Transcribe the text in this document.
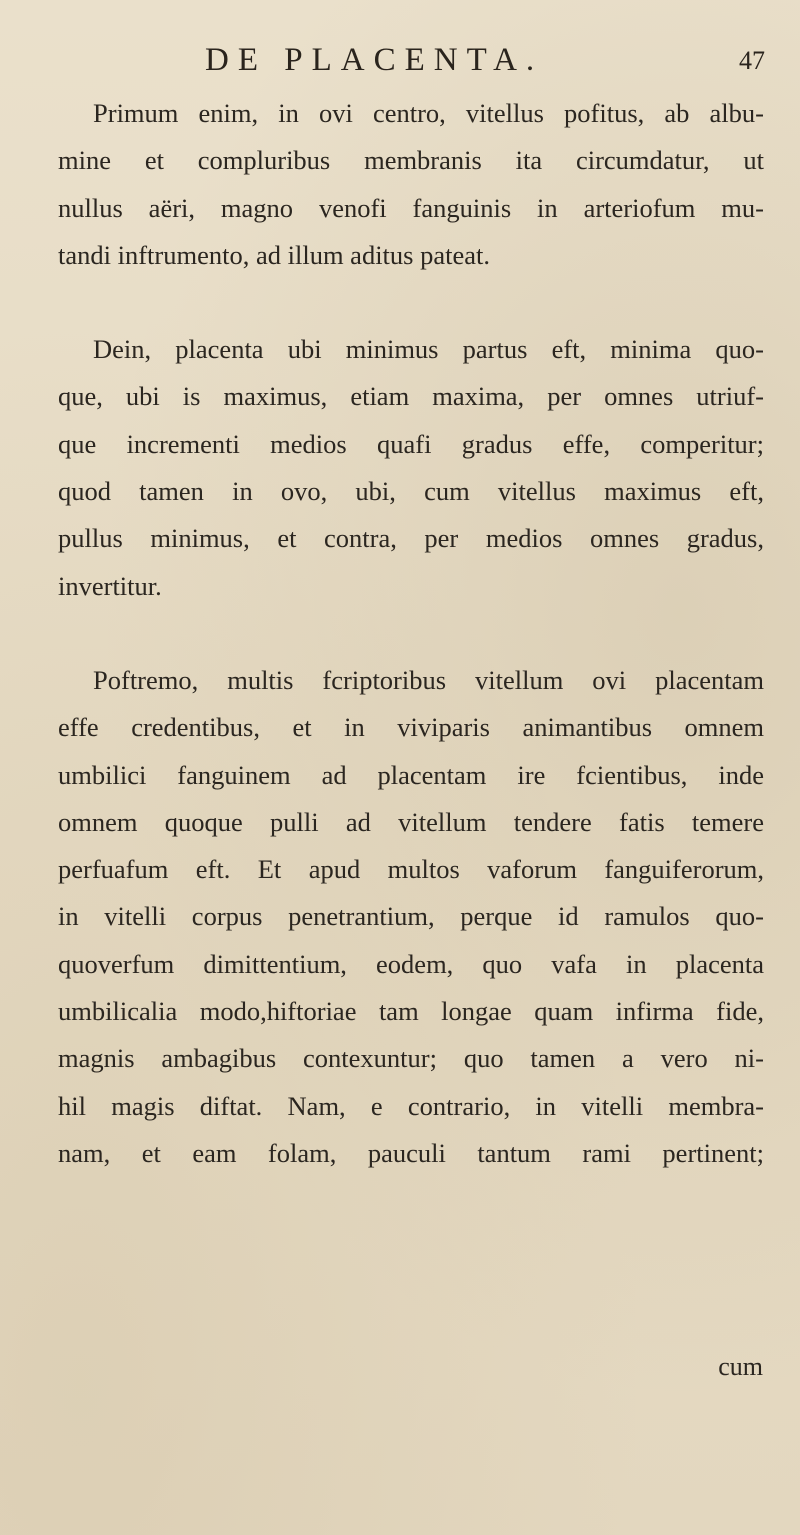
DE PLACENTA.	47

Primum enim, in ovi centro, vitellus pofitus, ab albu-
mine et compluribus membranis ita circumdatur, ut
nullus aëri, magno venofi fanguinis in arteriofum mu-
tandi inftrumento, ad illum aditus pateat.

Dein, placenta ubi minimus partus eft, minima quo-
que, ubi is maximus, etiam maxima, per omnes utriuf-
que incrementi medios quafi gradus effe, comperitur;
quod tamen in ovo, ubi, cum vitellus maximus eft,
pullus minimus, et contra, per medios omnes gradus,
invertitur.

Poftremo, multis fcriptoribus vitellum ovi placentam
effe credentibus, et in viviparis animantibus omnem
umbilici fanguinem ad placentam ire fcientibus, inde
omnem quoque pulli ad vitellum tendere fatis temere
perfuafum eft. Et apud multos vaforum fanguiferorum,
in vitelli corpus penetrantium, perque id ramulos quo-
quoverfum dimittentium, eodem, quo vafa in placenta
umbilicalia modo,hiftoriae tam longae quam infirma fide,
magnis ambagibus contexuntur; quo tamen a vero ni-
hil magis diftat. Nam, e contrario, in vitelli membra-
nam, et eam folam, pauculi tantum rami pertinent;

cum
